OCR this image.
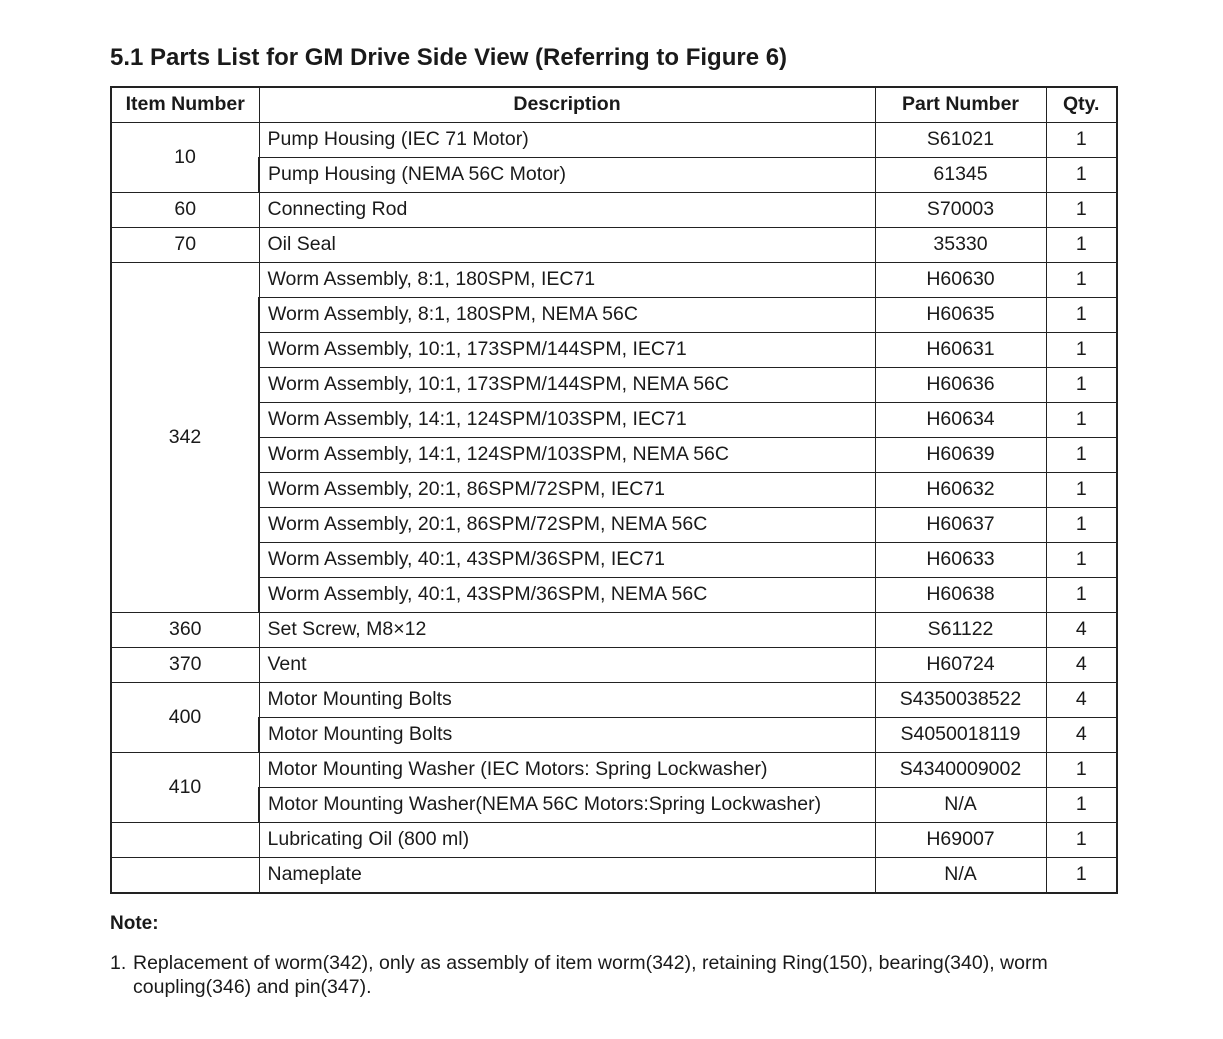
5.1 Parts List for GM Drive Side View (Referring to Figure 6)
Item Number	Description	Part Number	Qty.
10	Pump Housing (IEC 71 Motor)	S61021	1
	Pump Housing (NEMA 56C Motor)	61345	1
60	Connecting Rod	S70003	1
70	Oil Seal	35330	1
342	Worm Assembly, 8:1, 180SPM, IEC71	H60630	1
	Worm Assembly, 8:1, 180SPM, NEMA 56C	H60635	1
	Worm Assembly, 10:1, 173SPM/144SPM, IEC71	H60631	1
	Worm Assembly, 10:1, 173SPM/144SPM, NEMA 56C	H60636	1
	Worm Assembly, 14:1, 124SPM/103SPM, IEC71	H60634	1
	Worm Assembly, 14:1, 124SPM/103SPM, NEMA 56C	H60639	1
	Worm Assembly, 20:1, 86SPM/72SPM, IEC71	H60632	1
	Worm Assembly, 20:1, 86SPM/72SPM, NEMA 56C	H60637	1
	Worm Assembly, 40:1, 43SPM/36SPM, IEC71	H60633	1
	Worm Assembly, 40:1, 43SPM/36SPM, NEMA 56C	H60638	1
360	Set Screw, M8×12	S61122	4
370	Vent	H60724	4
400	Motor Mounting Bolts	S4350038522	4
	Motor Mounting Bolts	S4050018119	4
410	Motor Mounting Washer (IEC Motors: Spring Lockwasher)	S4340009002	1
	Motor Mounting Washer(NEMA 56C Motors:Spring Lockwasher)	N/A	1
	Lubricating Oil (800 ml)	H69007	1
	Nameplate	N/A	1

Note:

1. Replacement of worm(342), only as assembly of item worm(342), retaining Ring(150), bearing(340), worm coupling(346) and pin(347).
